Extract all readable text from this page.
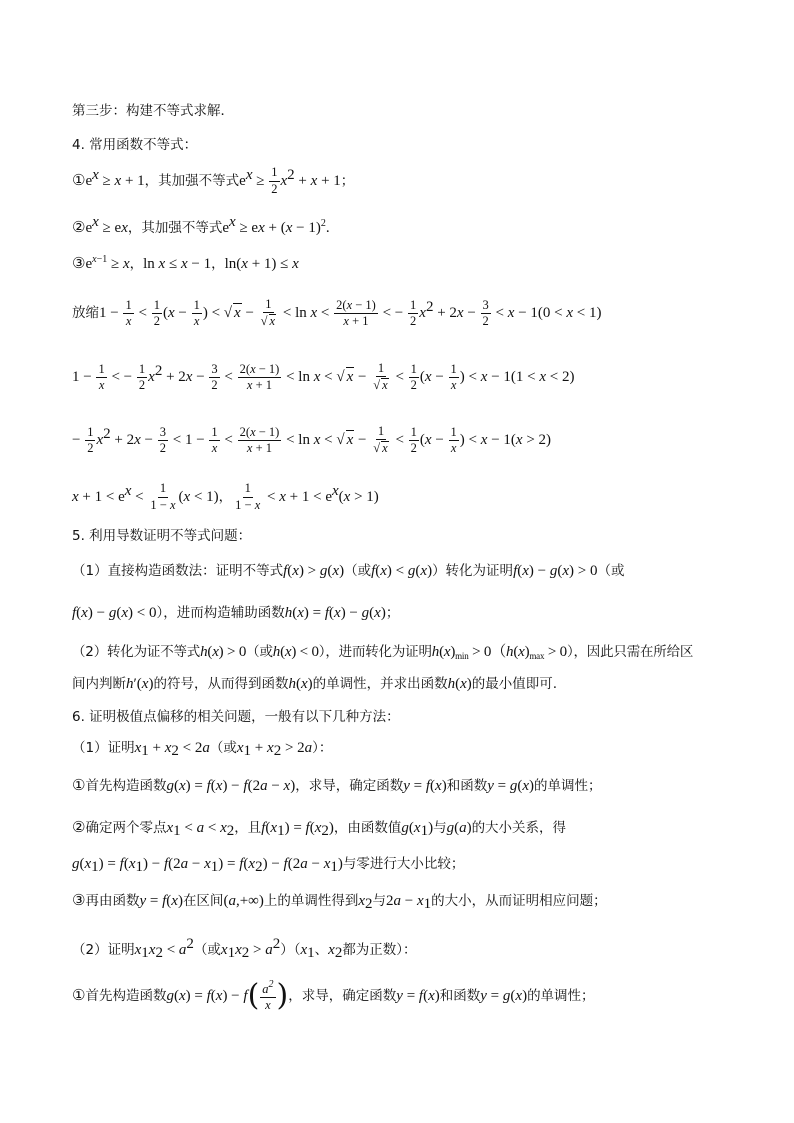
第三步：构建不等式求解．
4. 常用函数不等式：
$①e^x \ge x + 1$，其加强不等式$e^x \ge \frac{1}{2} x^2 + x + 1$；
$②e^x$ ≥ ex，其加强不等式$e^x$ ≥ ex + $(x - 1)^2$.
$③e^{x-1} \ge x$，ln x ≤ x − 1，ln(x + 1) ≤ x
放缩$1 - \frac{1}{x} < \frac{1}{2} (x - \frac{1}{x}$ ) < √ $x - \frac{1}{√ x} < \ln x < \frac{2(x - 1)}{x + 1}$ < − $\frac{1}{2} x^2 + 2x - \frac{3}{2} < x - 1(0 < x < 1)$
$1 - \frac{1}{x}$ < − $\frac{1}{2} x^2 + 2x - \frac{3}{2} < \frac{2(x - 1)}{x + 1} < \ln x$ < √ $x - \frac{1}{√ x} < \frac{1}{2} (x - \frac{1}{x}$ ) < x − 1(1 < x < 2)
− $\frac{1}{2} x^2 + 2x - \frac{3}{2} < 1 - \frac{1}{x} < \frac{2(x - 1)}{x + 1} < \ln x$ < √ $x - \frac{1}{√ x} < \frac{1}{2} (x - \frac{1}{x}$ ) < x − 1(x > 2)
$x + 1 < e^x < \frac{1}{1 - x} (x < 1)$， $\frac{1}{1 - x} < x + 1 < e^x(x > 1)$
5. 利用导数证明不等式问题：
（1）直接构造函数法：证明不等式f(x) > g(x)（或f(x) < g(x)）转化为证明f(x) − g(x) > 0（或
f(x) − g(x) < 0），进而构造辅助函数h(x) = f(x) − g(x)；
（2）转化为证不等式h(x) > 0（或h(x) < 0），进而转化为证明$h(x)_{min} > 0(h(x)_{max} > 0)$，因此只需在所给区
间内判断h′(x)的符号，从而得到函数h(x)的单调性，并求出函数h(x)的最小值即可.
6. 证明极值点偏移的相关问题，一般有以下几种方法：
（1）证明$x_1 + x_2 < 2a$（或$x_1 + x_2 > 2a$）：
①首先构造函数g(x) = f(x) − f(2a − x)，求导，确定函数y = f(x)和函数y = g(x)的单调性；
②确定两个零点$x_1 < a < x_2$，且$f(x_1) = f(x_2)$，由函数值$g(x_1)$与g(a)的大小关系，得
$g(x_1) = f(x_1) - f(2a - x_1) = f(x_2) - f(2a - x_1)$与零进行大小比较；
③再由函数y = f(x)在区间(a,+∞)上的单调性得到$x_2$与$2a - x_1$的大小，从而证明相应问题；
（2）证明$x_1x_2 < a^2$（或$x_1x_2 > a^2)(x_1$、$x_2$都为正数）：
①首先构造函数$g(x) = f(x) - f( \frac{a^2}{x}$ )，求导，确定函数y = f(x)和函数y = g(x)的单调性；
